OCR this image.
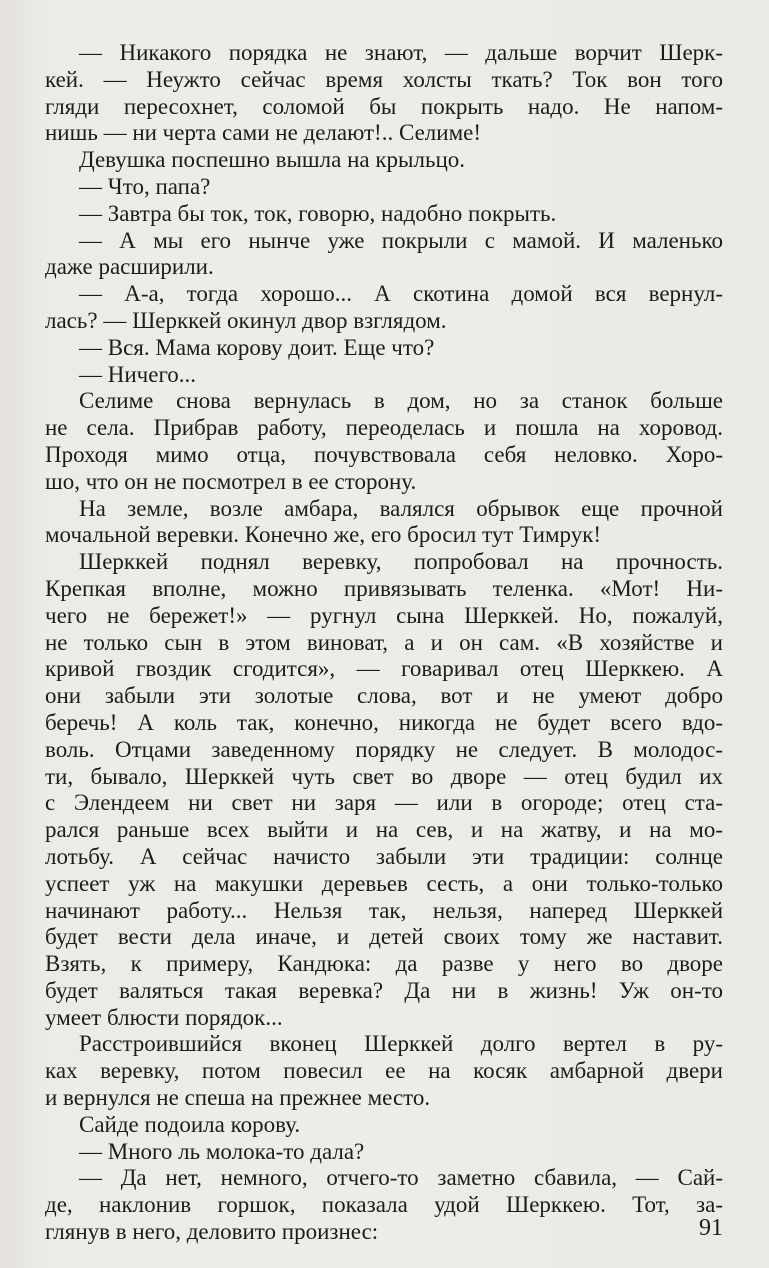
— Никакого порядка не знают, — дальше ворчит Шерк-
кей. — Неужто сейчас время холсты ткать? Ток вон того
гляди пересохнет, соломой бы покрыть надо. Не напом-
нишь — ни черта сами не делают!.. Селиме!
Девушка поспешно вышла на крыльцо.
— Что, папа?
— Завтра бы ток, ток, говорю, надобно покрыть.
— А мы его нынче уже покрыли с мамой. И маленько
даже расширили.
— А-а, тогда хорошо... А скотина домой вся вернул-
лась? — Шерккей окинул двор взглядом.
— Вся. Мама корову доит. Еще что?
— Ничего...
Селиме снова вернулась в дом, но за станок больше
не села. Прибрав работу, переоделась и пошла на хоровод.
Проходя мимо отца, почувствовала себя неловко. Хоро-
шо, что он не посмотрел в ее сторону.
На земле, возле амбара, валялся обрывок еще прочной
мочальной веревки. Конечно же, его бросил тут Тимрук!
Шерккей поднял веревку, попробовал на прочность.
Крепкая вполне, можно привязывать теленка. «Мот! Ни-
чего не бережет!» — ругнул сына Шерккей. Но, пожалуй,
не только сын в этом виноват, а и он сам. «В хозяйстве и
кривой гвоздик сгодится», — говаривал отец Шерккею. А
они забыли эти золотые слова, вот и не умеют добро
беречь! А коль так, конечно, никогда не будет всего вдо-
воль. Отцами заведенному порядку не следует. В молодос-
ти, бывало, Шерккей чуть свет во дворе — отец будил их
с Элендеем ни свет ни заря — или в огороде; отец ста-
рался раньше всех выйти и на сев, и на жатву, и на мо-
лотьбу. А сейчас начисто забыли эти традиции: солнце
успеет уж на макушки деревьев сесть, а они только-только
начинают работу... Нельзя так, нельзя, наперед Шерккей
будет вести дела иначе, и детей своих тому же наставит.
Взять, к примеру, Кандюка: да разве у него во дворе
будет валяться такая веревка? Да ни в жизнь! Уж он-то
умеет блюсти порядок...
Расстроившийся вконец Шерккей долго вертел в ру-
ках веревку, потом повесил ее на косяк амбарной двери
и вернулся не спеша на прежнее место.
Сайде подоила корову.
— Много ль молока-то дала?
— Да нет, немного, отчего-то заметно сбавила, — Сай-
де, наклонив горшок, показала удой Шерккею. Тот, за-
глянув в него, деловито произнес:	91
